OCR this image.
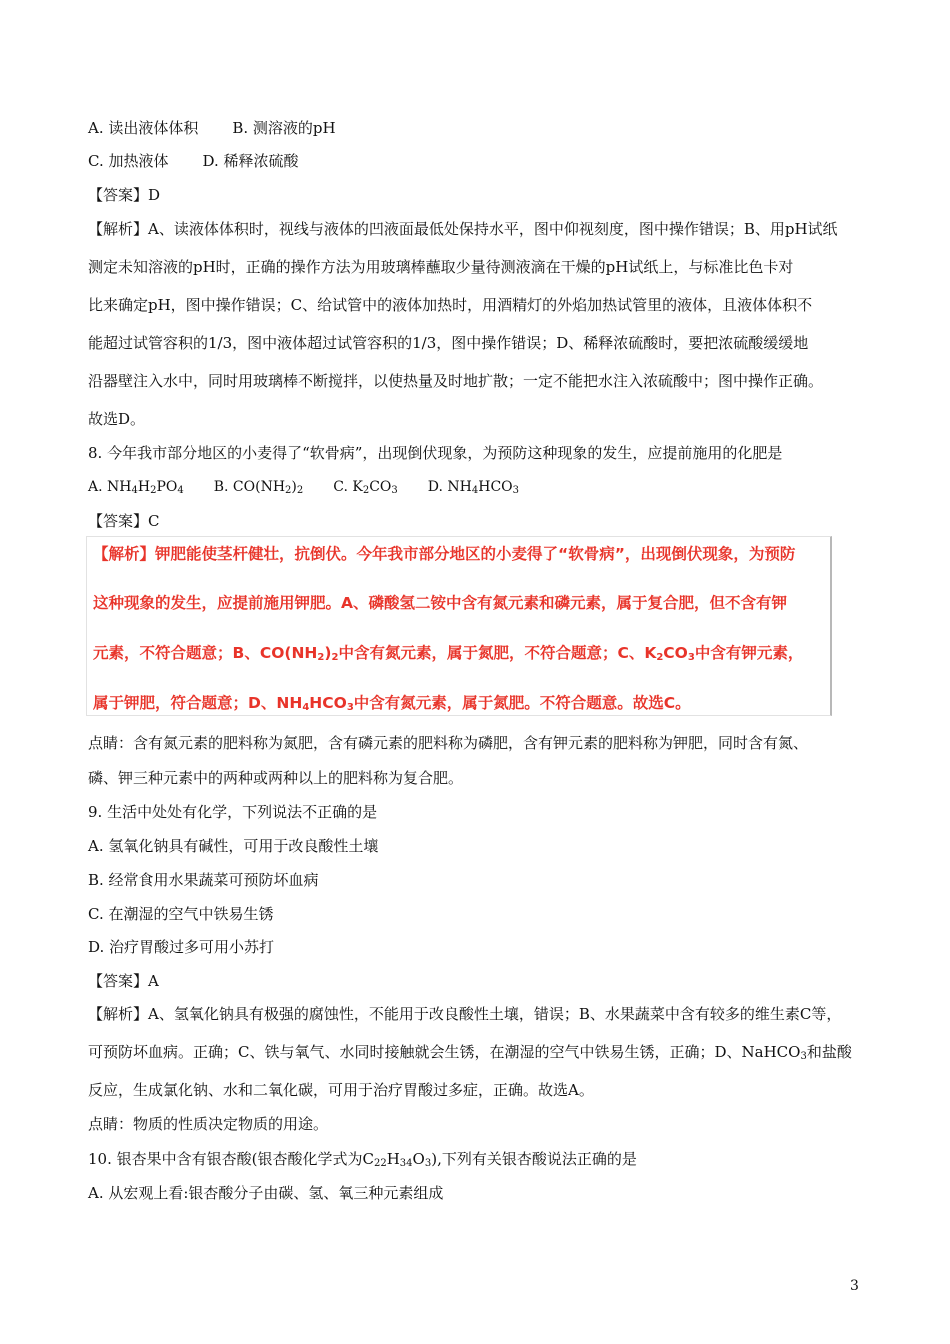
A. 读出液体体积 B. 测溶液的pH
C. 加热液体 D. 稀释浓硫酸
【答案】D
【解析】A、读液体体积时，视线与液体的凹液面最低处保持水平，图中仰视刻度，图中操作错误；B、用pH试纸
测定未知溶液的pH时，正确的操作方法为用玻璃棒蘸取少量待测液滴在干燥的pH试纸上，与标准比色卡对
比来确定pH，图中操作错误；C、给试管中的液体加热时，用酒精灯的外焰加热试管里的液体，且液体体积不
能超过试管容积的1/3，图中液体超过试管容积的1/3，图中操作错误；D、稀释浓硫酸时，要把浓硫酸缓缓地
沿器壁注入水中，同时用玻璃棒不断搅拌，以使热量及时地扩散；一定不能把水注入浓硫酸中；图中操作正确。
故选D。
8. 今年我市部分地区的小麦得了“软骨病”，出现倒伏现象，为预防这种现象的发生，应提前施用的化肥是
A. $NH_4H_2PO_4$ B. $CO(NH_2)_2$ C. $K_2CO_3$ D. $NH_4HCO_3$
【答案】C
【解析】钾肥能使茎杆健壮，抗倒伏。今年我市部分地区的小麦得了“软骨病”，出现倒伏现象，为预防
这种现象的发生，应提前施用钾肥。A、磷酸氢二铵中含有氮元素和磷元素，属于复合肥，但不含有钾
元素，不符合题意；B、$CO(NH_2)_2$中含有氮元素，属于氮肥，不符合题意；C、$K_2CO_3$中含有钾元素，
属于钾肥，符合题意；D、$NH_4HCO_3$中含有氮元素，属于氮肥。不符合题意。故选C。
点睛：含有氮元素的肥料称为氮肥，含有磷元素的肥料称为磷肥，含有钾元素的肥料称为钾肥，同时含有氮、
磷、钾三种元素中的两种或两种以上的肥料称为复合肥。
9. 生活中处处有化学，下列说法不正确的是
A. 氢氧化钠具有碱性，可用于改良酸性土壤
B. 经常食用水果蔬菜可预防坏血病
C. 在潮湿的空气中铁易生锈
D. 治疗胃酸过多可用小苏打
【答案】A
【解析】A、氢氧化钠具有极强的腐蚀性，不能用于改良酸性土壤，错误；B、水果蔬菜中含有较多的维生素C等，
可预防坏血病。正确；C、铁与氧气、水同时接触就会生锈，在潮湿的空气中铁易生锈，正确；D、NaHCO$_3$和盐酸
反应，生成氯化钠、水和二氧化碳，可用于治疗胃酸过多症，正确。故选A。
点睛：物质的性质决定物质的用途。
10. 银杏果中含有银杏酸(银杏酸化学式为$C_{22}H_{34}O_3$),下列有关银杏酸说法正确的是
A. 从宏观上看:银杏酸分子由碳、氢、氧三种元素组成
3
